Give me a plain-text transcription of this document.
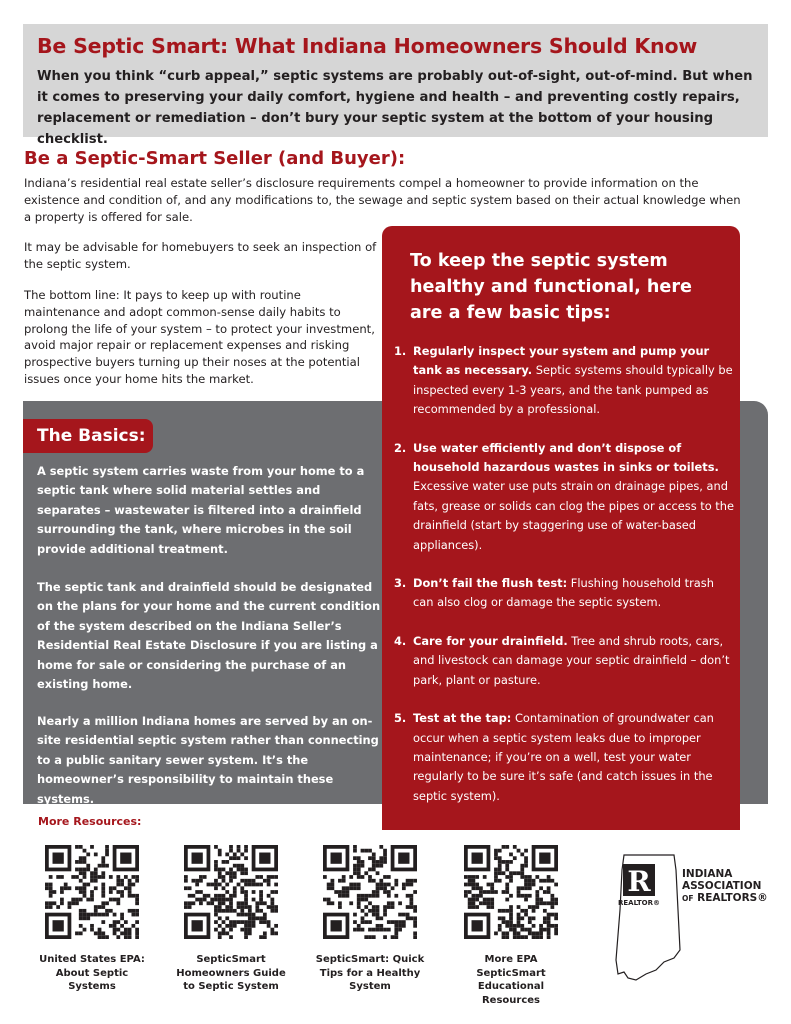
Be Septic Smart: What Indiana Homeowners Should Know

When you think “curb appeal,” septic systems are probably out-of-sight, out-of-mind. But when it comes to preserving your daily comfort, hygiene and health – and preventing costly repairs, replacement or remediation – don’t bury your septic system at the bottom of your housing checklist.

Be a Septic-Smart Seller (and Buyer):

Indiana’s residential real estate seller’s disclosure requirements compel a homeowner to provide information on the existence and condition of, and any modifications to, the sewage and septic system based on their actual knowledge when a property is offered for sale.

It may be advisable for homebuyers to seek an inspection of the septic system.

The bottom line: It pays to keep up with routine maintenance and adopt common-sense daily habits to prolong the life of your system – to protect your investment, avoid major repair or replacement expenses and risking prospective buyers turning up their noses at the potential issues once your home hits the market.

The Basics:

A septic system carries waste from your home to a septic tank where solid material settles and separates – wastewater is filtered into a drainfield surrounding the tank, where microbes in the soil provide additional treatment.

The septic tank and drainfield should be designated on the plans for your home and the current condition of the system described on the Indiana Seller’s Residential Real Estate Disclosure if you are listing a home for sale or considering the purchase of an existing home.

Nearly a million Indiana homes are served by an on-site residential septic system rather than connecting to a public sanitary sewer system. It’s the homeowner’s responsibility to maintain these systems.

To keep the septic system healthy and functional, here are a few basic tips:
1. Regularly inspect your system and pump your tank as necessary. Septic systems should typically be inspected every 1-3 years, and the tank pumped as recommended by a professional.
2. Use water efficiently and don’t dispose of household hazardous wastes in sinks or toilets. Excessive water use puts strain on drainage pipes, and fats, grease or solids can clog the pipes or access to the drainfield (start by staggering use of water-based appliances).
3. Don’t fail the flush test: Flushing household trash can also clog or damage the septic system.
4. Care for your drainfield. Tree and shrub roots, cars, and livestock can damage your septic drainfield – don’t park, plant or pasture.
5. Test at the tap: Contamination of groundwater can occur when a septic system leaks due to improper maintenance; if you’re on a well, test your water regularly to be sure it’s safe (and catch issues in the septic system).
More Resources:
United States EPA: About Septic Systems
SepticSmart Homeowners Guide to Septic System
SepticSmart: Quick Tips for a Healthy System
More EPA SepticSmart Educational Resources
R
REALTOR®
INDIANA
ASSOCIATION
OF REALTORS®
